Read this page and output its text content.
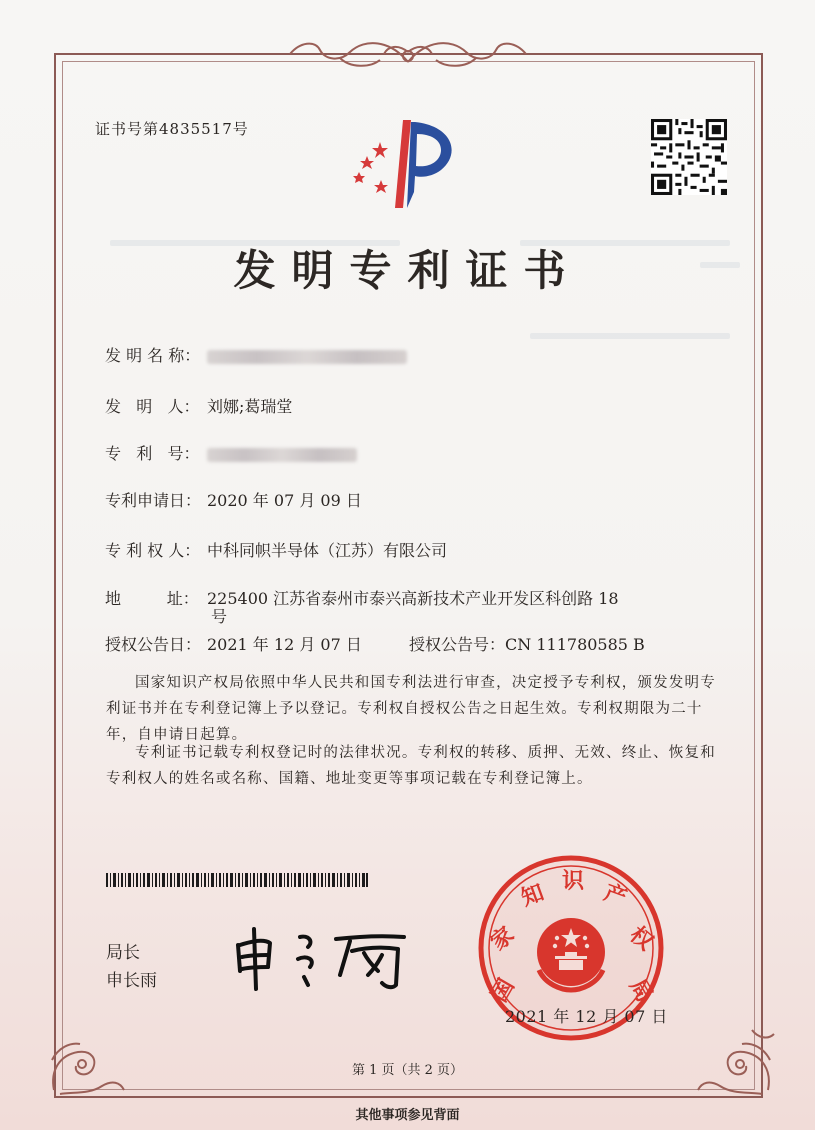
证书号第4835517号
发明专利证书
发 明 名 称：
发   明   人： 刘娜;葛瑞堂
专   利   号：
专利申请日： 2020 年 07 月 09 日
专 利 权 人： 中科同帜半导体（江苏）有限公司
地         址： 225400 江苏省泰州市泰兴高新技术产业开发区科创路 18
号
授权公告日： 2021 年 12 月 07 日	授权公告号：CN 111780585 B
国家知识产权局依照中华人民共和国专利法进行审查，决定授予专利权，颁发发明专利证书并在专利登记簿上予以登记。专利权自授权公告之日起生效。专利权期限为二十年，自申请日起算。
专利证书记载专利权登记时的法律状况。专利权的转移、质押、无效、终止、恢复和专利权人的姓名或名称、国籍、地址变更等事项记载在专利登记簿上。
局长
申长雨	国
家
知 识 产
权
局
2021 年 12 月 07 日
第 1 页（共 2 页）
其他事项参见背面
